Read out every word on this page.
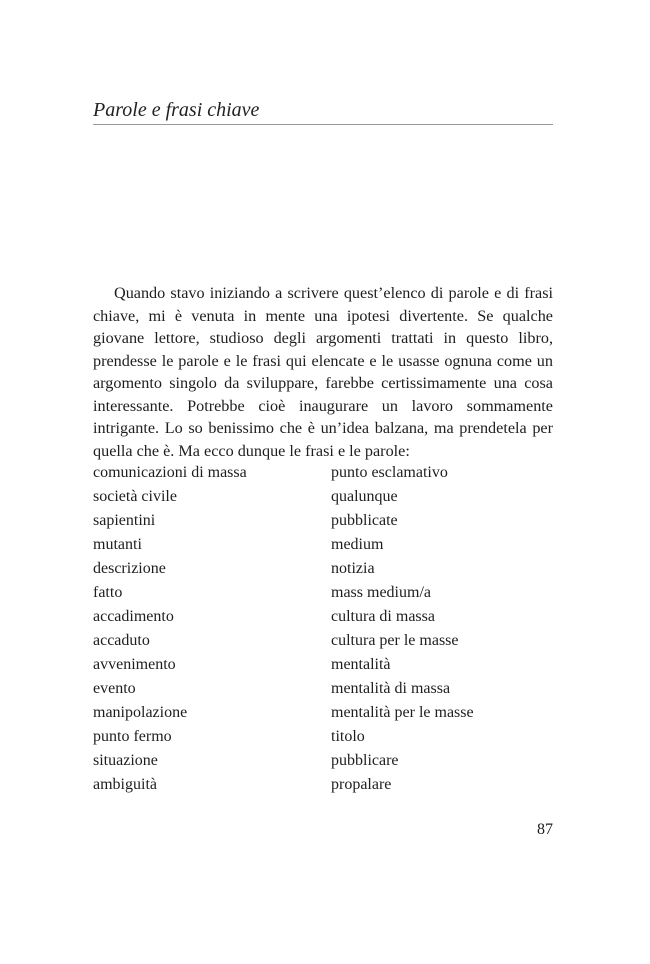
Parole e frasi chiave

Quando stavo iniziando a scrivere quest’elenco di parole e di frasi chiave, mi è venuta in mente una ipotesi divertente. Se qualche giovane lettore, studioso degli argomenti trattati in questo libro, prendesse le parole e le frasi qui elencate e le usasse ognuna come un argomento singolo da sviluppare, farebbe certissimamente una cosa interessante. Potrebbe cioè inaugurare un lavoro sommamente intrigante. Lo so benissimo che è un’idea balzana, ma prendetela per quella che è. Ma ecco dunque le frasi e le parole:

comunicazioni di massa	punto esclamativo
società civile	qualunque
sapientini	pubblicate
mutanti	medium
descrizione	notizia
fatto	mass medium/a
accadimento	cultura di massa
accaduto	cultura per le masse
avvenimento	mentalità
evento	mentalità di massa
manipolazione	mentalità per le masse
punto fermo	titolo
situazione	pubblicare
ambiguità	propalare
87
